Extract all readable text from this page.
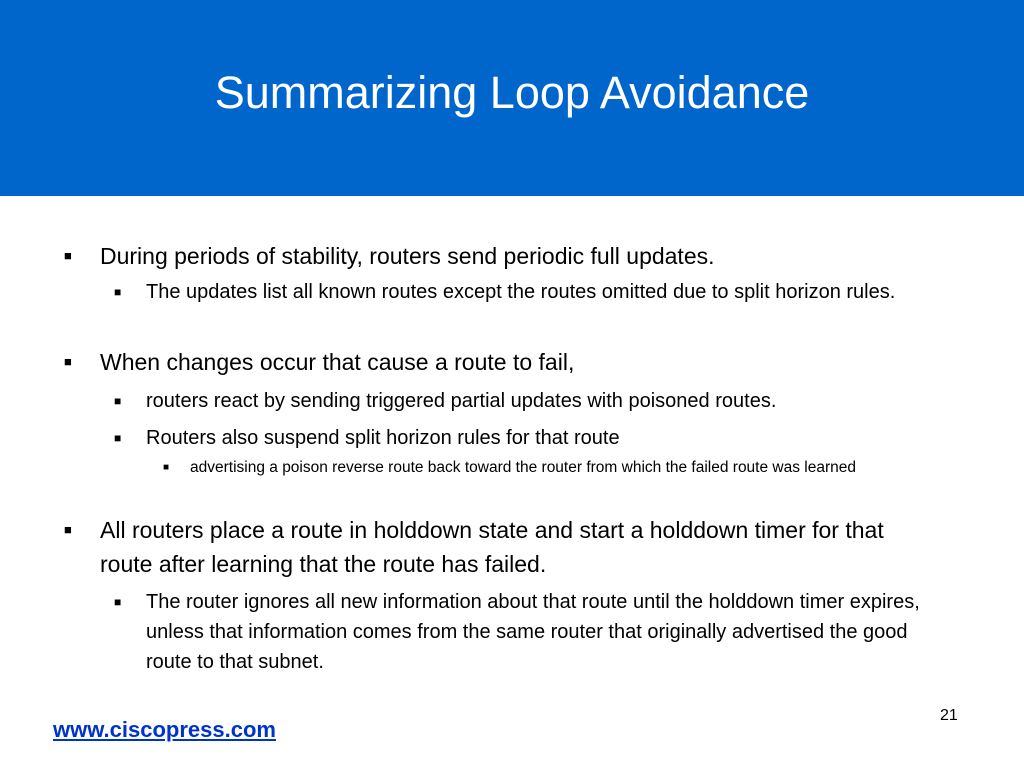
Summarizing Loop Avoidance
■ During periods of stability, routers send periodic full updates.
■ The updates list all known routes except the routes omitted due to split horizon rules.
■ When changes occur that cause a route to fail,
■ routers react by sending triggered partial updates with poisoned routes.
■ Routers also suspend split horizon rules for that route
■ advertising a poison reverse route back toward the router from which the failed route was learned
■ All routers place a route in holddown state and start a holddown timer for that route after learning that the route has failed.
■ The router ignores all new information about that route until the holddown timer expires, unless that information comes from the same router that originally advertised the good route to that subnet.
www.ciscopress.com
21
